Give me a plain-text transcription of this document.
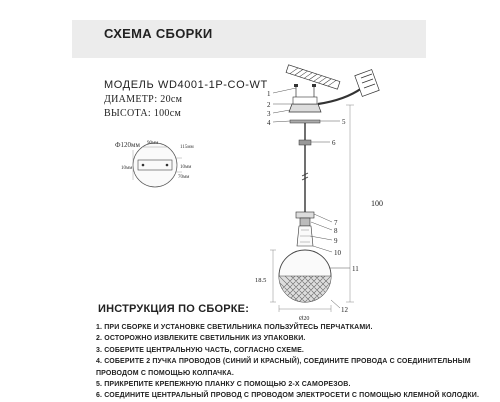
СХЕМА СБОРКИ
МОДЕЛЬ WD4001-1P-CO-WT
ДИАМЕТР: 20см
ВЫСОТА: 100см
Ф120мм 90мм
115мм
10мм	10мм
70мм
100
18.5
Ø20
1
2
3
4	5
6
7
8
9
10
11
12
ИНСТРУКЦИЯ ПО СБОРКЕ:
1. ПРИ СБОРКЕ И УСТАНОВКЕ СВЕТИЛЬНИКА ПОЛЬЗУЙТЕСЬ ПЕРЧАТКАМИ.
2. ОСТОРОЖНО ИЗВЛЕКИТЕ СВЕТИЛЬНИК ИЗ УПАКОВКИ.
3. СОБЕРИТЕ ЦЕНТРАЛЬНУЮ ЧАСТЬ, СОГЛАСНО СХЕМЕ.
4. СОБЕРИТЕ 2 ПУЧКА ПРОВОДОВ (СИНИЙ И КРАСНЫЙ), СОЕДИНИТЕ ПРОВОДА С СОЕДИНИТЕЛЬНЫМ
ПРОВОДОМ С ПОМОЩЬЮ КОЛПАЧКА.
5. ПРИКРЕПИТЕ КРЕПЕЖНУЮ ПЛАНКУ С ПОМОЩЬЮ 2-Х САМОРЕЗОВ.
6. СОЕДИНИТЕ ЦЕНТРАЛЬНЫЙ ПРОВОД С ПРОВОДОМ ЭЛЕКТРОСЕТИ С ПОМОЩЬЮ КЛЕМНОЙ КОЛОДКИ.
